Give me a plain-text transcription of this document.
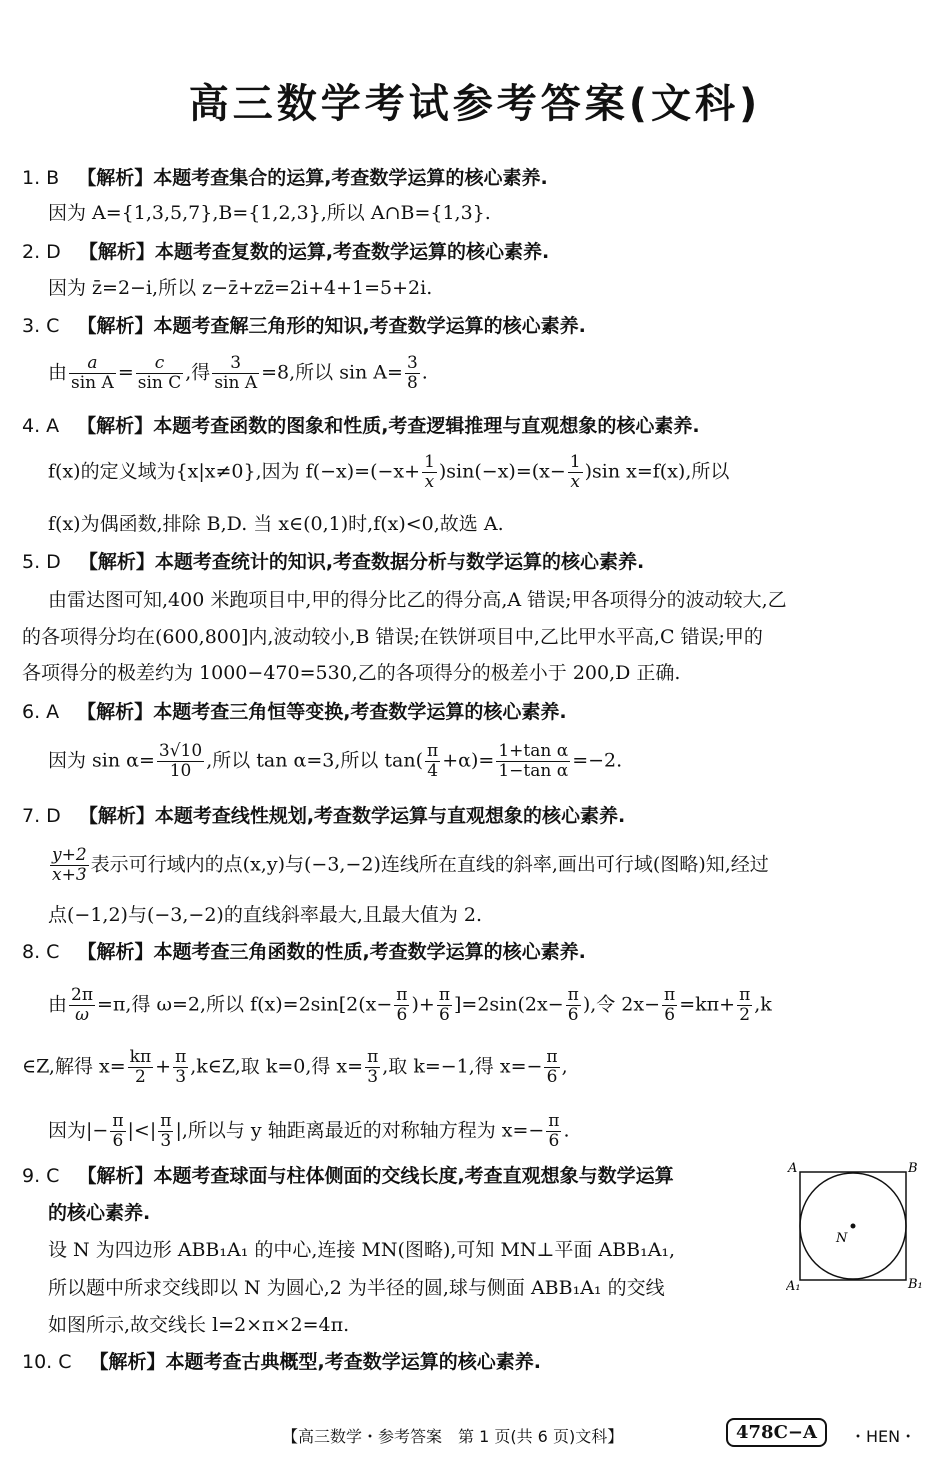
高三数学考试参考答案(文科)
1. B 【解析】本题考查集合的运算,考查数学运算的核心素养.
因为 A={1,3,5,7},B={1,2,3},所以 A∩B={1,3}.
2. D 【解析】本题考查复数的运算,考查数学运算的核心素养.
因为 z̄=2−i,所以 z−z̄+zz̄=2i+4+1=5+2i.
3. C 【解析】本题考查解三角形的知识,考查数学运算的核心素养.
由 $\frac{a}{\text{sin A}} = \frac{c}{\text{sin C}}$ ,得 $\frac{3}{\text{sin A}} =8$,所以 $\sin A= \frac{3}{8}$ .
4. A 【解析】本题考查函数的图象和性质,考查逻辑推理与直观想象的核心素养.
f(x)的定义域为{x|x≠0},因为 $f(-x)=(-x+ \frac{1}{x} )\sin(-x)=(x- \frac{1}{x} )\sin$ x=f(x),所以
f(x)为偶函数,排除 B,D. 当 x∈(0,1)时,f(x)<0,故选 A.
5. D 【解析】本题考查统计的知识,考查数据分析与数学运算的核心素养.
由雷达图可知,400 米跑项目中,甲的得分比乙的得分高,A 错误;甲各项得分的波动较大,乙
的各项得分均在(600,800]内,波动较小,B 错误;在铁饼项目中,乙比甲水平高,C 错误;甲的
各项得分的极差约为 1000−470=530,乙的各项得分的极差小于 200,D 正确.
6. A 【解析】本题考查三角恒等变换,考查数学运算的核心素养.
因为 $\sin \alpha= \frac{3√10}{10}$ ,所以 tan α=3,所以 $\tan( \frac{\pi}{4} +\alpha)= \frac{\text{1+tan α}}{\text{1−tan α}} =-2$.
7. D 【解析】本题考查线性规划,考查数学运算与直观想象的核心素养.
$\frac{y+2}{x+3}$ 表示可行域内的点(x,y)与(−3,−2)连线所在直线的斜率,画出可行域(图略)知,经过
点(−1,2)与(−3,−2)的直线斜率最大,且最大值为 2.
8. C 【解析】本题考查三角函数的性质,考查数学运算的核心素养.
由 $\frac{2\pi}{\omega} =\pi$,得 ω=2,所以 $f(x)=2\sin[2(x- \frac{\pi}{6}$ )+ $\frac{\pi}{6} ]=2\sin(2x- \frac{\pi}{6}$ ),令 $2x- \frac{\pi}{6} =k\pi+ \frac{\pi}{2} ,k$
∈Z,解得 $x= \frac{k\pi}{2} + \frac{\pi}{3}$ ,k∈Z,取 k=0,得 $x= \frac{\pi}{3}$ ,取 k=−1,得 $x=- \frac{\pi}{6}$ ,
因为|− $\frac{\pi}{6}$ |<| $\frac{\pi}{3}$ |,所以与 y 轴距离最近的对称轴方程为 $x=- \frac{\pi}{6}$ .
9. C 【解析】本题考查球面与柱体侧面的交线长度,考查直观想象与数学运算
的核心素养.
设 N 为四边形 ABB₁A₁ 的中心,连接 MN(图略),可知 MN⊥平面 ABB₁A₁,
所以题中所求交线即以 N 为圆心,2 为半径的圆,球与侧面 ABB₁A₁ 的交线
如图所示,故交线长 l=2×π×2=4π.
A	B
A₁	B₁
N
10. C 【解析】本题考查古典概型,考查数学运算的核心素养.
【高三数学・参考答案　第 1 页(共 6 页)文科】	478C−A	・HEN・
